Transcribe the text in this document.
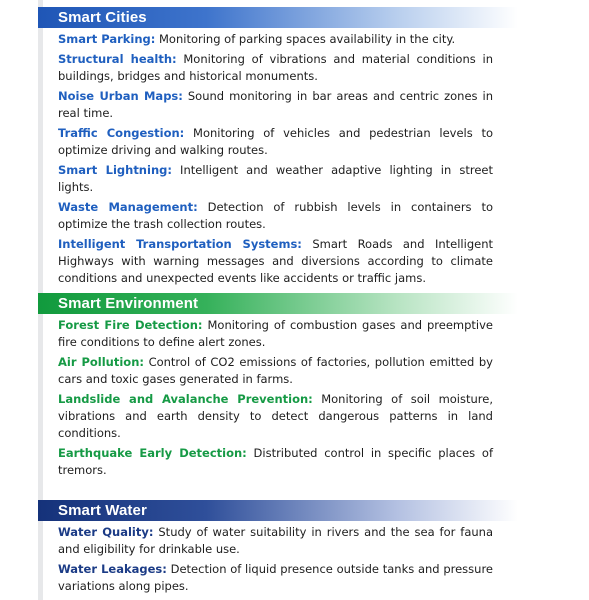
Smart Cities
Smart Parking: Monitoring of parking spaces availability in the city.
Structural health: Monitoring of vibrations and material conditions in buildings, bridges and historical monuments.
Noise Urban Maps: Sound monitoring in bar areas and centric zones in real time.
Traffic Congestion: Monitoring of vehicles and pedestrian levels to optimize driving and walking routes.
Smart Lightning: Intelligent and weather adaptive lighting in street lights.
Waste Management: Detection of rubbish levels in containers to optimize the trash collection routes.
Intelligent Transportation Systems: Smart Roads and Intelligent Highways with warning messages and diversions according to climate conditions and unexpected events like accidents or traffic jams.
Smart Environment
Forest Fire Detection: Monitoring of combustion gases and preemptive fire conditions to define alert zones.
Air Pollution: Control of CO2 emissions of factories, pollution emitted by cars and toxic gases generated in farms.
Landslide and Avalanche Prevention: Monitoring of soil moisture, vibrations and earth density to detect dangerous patterns in land conditions.
Earthquake Early Detection: Distributed control in specific places of tremors.
Smart Water
Water Quality: Study of water suitability in rivers and the sea for fauna and eligibility for drinkable use.
Water Leakages: Detection of liquid presence outside tanks and pressure variations along pipes.
